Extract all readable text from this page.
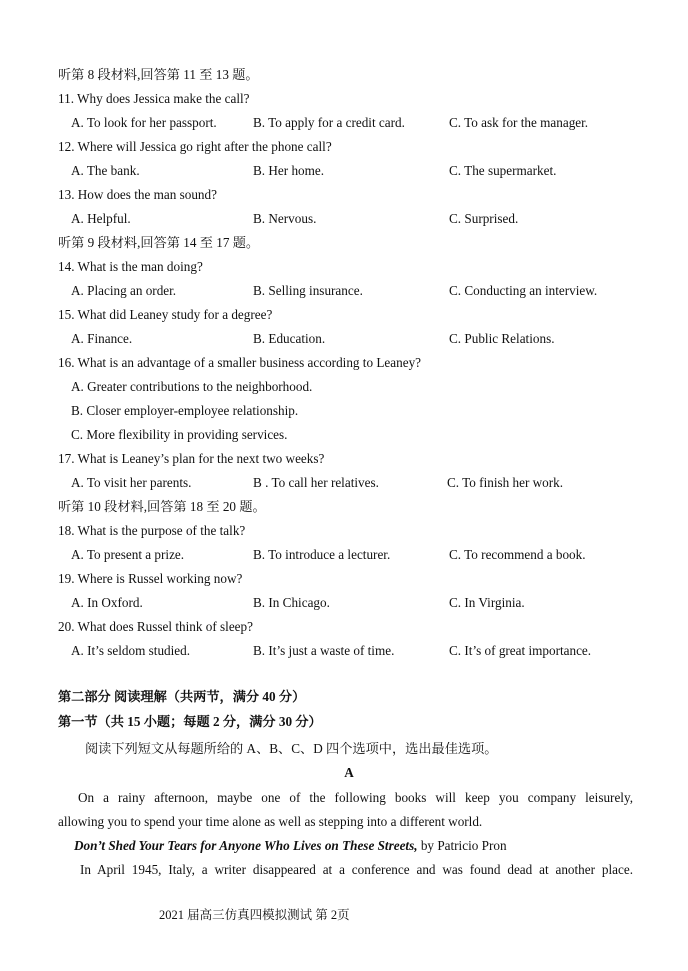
听第 8 段材料,回答第 11 至 13 题。
11. Why does Jessica make the call?
A. To look for her passport.	B. To apply for a credit card.	C. To ask for the manager.
12. Where will Jessica go right after the phone call?
A. The bank.	B. Her home.	C. The supermarket.
13. How does the man sound?
A. Helpful.	B. Nervous.	C. Surprised.
听第 9 段材料,回答第 14 至 17 题。
14. What is the man doing?
A. Placing an order.	B. Selling insurance.	C. Conducting an interview.
15. What did Leaney study for a degree?
A. Finance.	B. Education.	C. Public Relations.
16. What is an advantage of a smaller business according to Leaney?
A. Greater contributions to the neighborhood.
B. Closer employer-employee relationship.
C. More flexibility in providing services.
17. What is Leaney’s plan for the next two weeks?
A. To visit her parents.	B . To call her relatives.	C. To finish her work.
听第 10 段材料,回答第 18 至 20 题。
18. What is the purpose of the talk?
A. To present a prize.	B. To introduce a lecturer.	C. To recommend a book.
19. Where is Russel working now?
A. In Oxford.	B. In Chicago.	C. In Virginia.
20. What does Russel think of sleep?
A. It’s seldom studied.	B. It’s just a waste of time.	C. It’s of great importance.
第二部分 阅读理解（共两节，满分 40 分）
第一节（共 15 小题；每题 2 分，满分 30 分）
阅读下列短文从每题所给的 A、B、C、D 四个选项中，选出最佳选项。
A
On a rainy afternoon, maybe one of the following books will keep you company leisurely,
allowing you to spend your time alone as well as stepping into a different world.
Don’t Shed Your Tears for Anyone Who Lives on These Streets, by Patricio Pron
In April 1945, Italy, a writer disappeared at a conference and was found dead at another place.
2021 届高三仿真四模拟测试 第 2页
